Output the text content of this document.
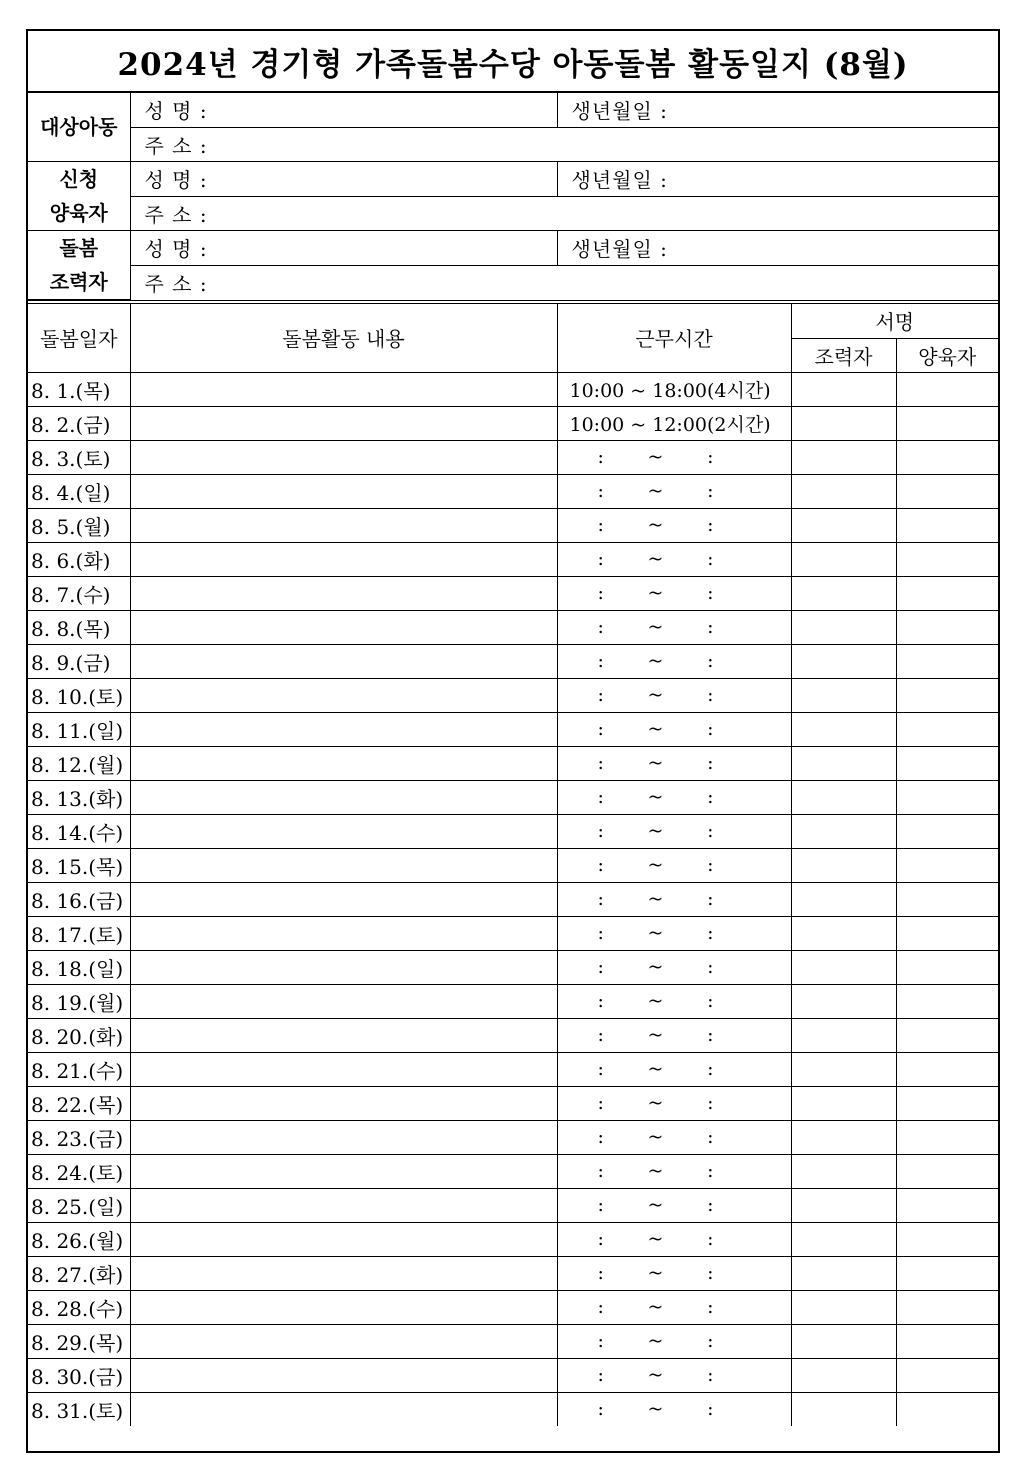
2024년 경기형 가족돌봄수당 아동돌봄 활동일지 (8월)
대상아동	성 명 :	생년월일 :
	주 소 :	
신청
양육자	성 명 :	생년월일 :
	주 소 :	
돌봄
조력자	성 명 :	생년월일 :
	주 소 :	
돌봄일자	돌봄활동 내용	근무시간	서명	
			조력자	양육자
8. 1.(목)		10:00 ~ 18:00(4시간)		
8. 2.(금)		10:00 ~ 12:00(2시간)		
8. 3.(토)		: ~ :		

8. 4.(일)		: ~ :		

8. 5.(월)		: ~ :		

8. 6.(화)		: ~ :		

8. 7.(수)		: ~ :		

8. 8.(목)		: ~ :		

8. 9.(금)		: ~ :		

8. 10.(토)		: ~ :		

8. 11.(일)		: ~ :		

8. 12.(월)		: ~ :		

8. 13.(화)		: ~ :		

8. 14.(수)		: ~ :		

8. 15.(목)		: ~ :		

8. 16.(금)		: ~ :		

8. 17.(토)		: ~ :		

8. 18.(일)		: ~ :		

8. 19.(월)		: ~ :		

8. 20.(화)		: ~ :		

8. 21.(수)		: ~ :		

8. 22.(목)		: ~ :		

8. 23.(금)		: ~ :		

8. 24.(토)		: ~ :		

8. 25.(일)		: ~ :		

8. 26.(월)		: ~ :		

8. 27.(화)		: ~ :		

8. 28.(수)		: ~ :		

8. 29.(목)		: ~ :		

8. 30.(금)		: ~ :		

8. 31.(토)		: ~ :		
